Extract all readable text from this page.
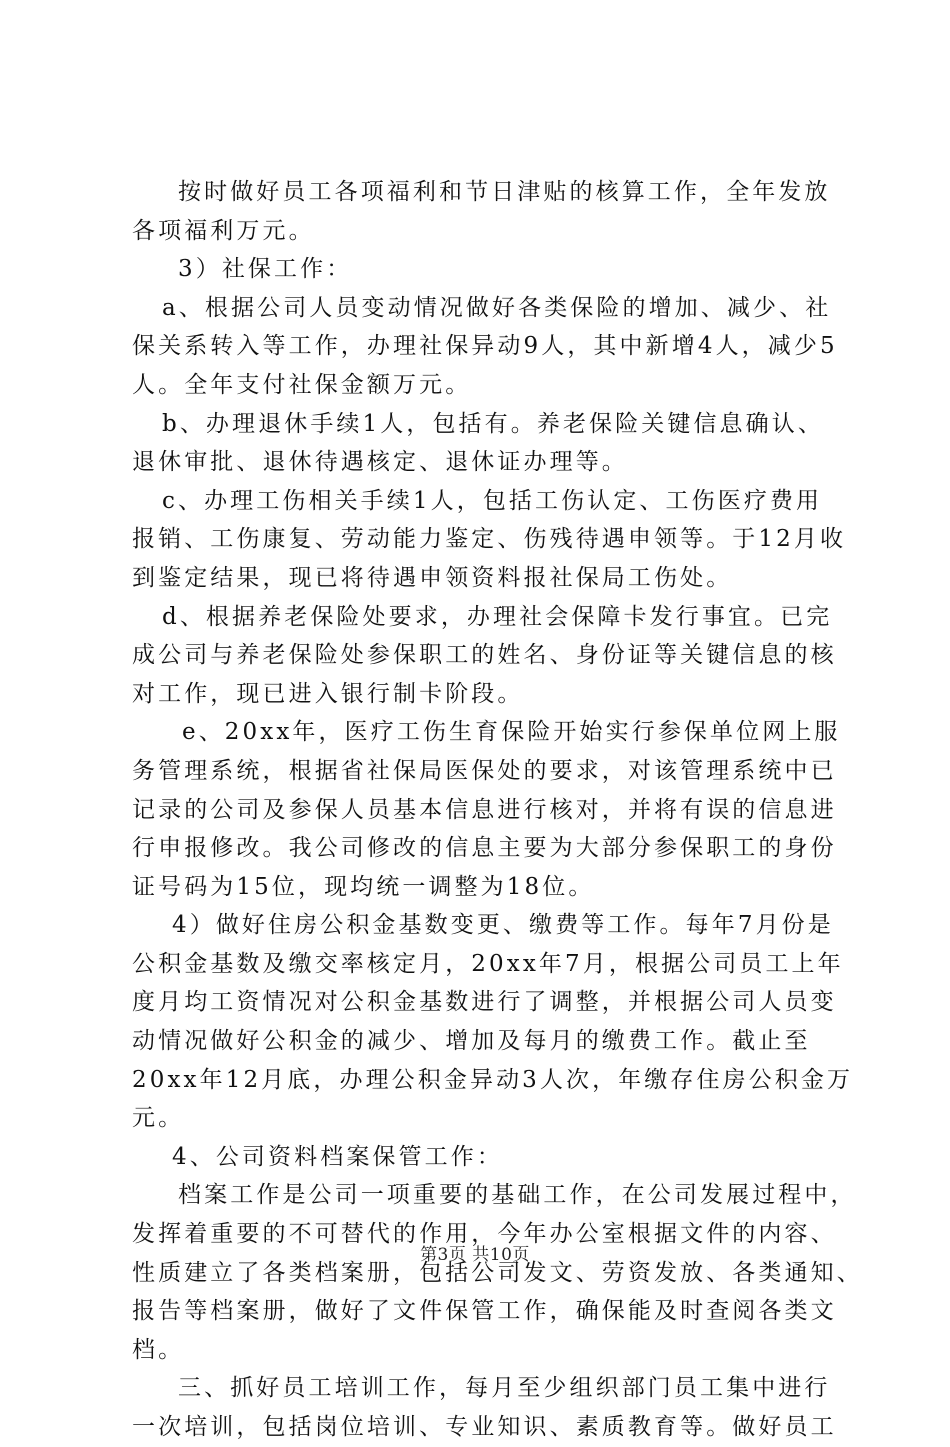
按时做好员工各项福利和节日津贴的核算工作，全年发放
各项福利万元。
3）社保工作：
a、根据公司人员变动情况做好各类保险的增加、减少、社
保关系转入等工作，办理社保异动9人，其中新增4人，减少5
人。全年支付社保金额万元。
b、办理退休手续1人，包括有。养老保险关键信息确认、
退休审批、退休待遇核定、退休证办理等。
c、办理工伤相关手续1人，包括工伤认定、工伤医疗费用
报销、工伤康复、劳动能力鉴定、伤残待遇申领等。于12月收
到鉴定结果，现已将待遇申领资料报社保局工伤处。
d、根据养老保险处要求，办理社会保障卡发行事宜。已完
成公司与养老保险处参保职工的姓名、身份证等关键信息的核
对工作，现已进入银行制卡阶段。
e、20xx年，医疗工伤生育保险开始实行参保单位网上服
务管理系统，根据省社保局医保处的要求，对该管理系统中已
记录的公司及参保人员基本信息进行核对，并将有误的信息进
行申报修改。我公司修改的信息主要为大部分参保职工的身份
证号码为15位，现均统一调整为18位。
4）做好住房公积金基数变更、缴费等工作。每年7月份是
公积金基数及缴交率核定月，20xx年7月，根据公司员工上年
度月均工资情况对公积金基数进行了调整，并根据公司人员变
动情况做好公积金的减少、增加及每月的缴费工作。截止至
20xx年12月底，办理公积金异动3人次，年缴存住房公积金万
元。
4、公司资料档案保管工作：
档案工作是公司一项重要的基础工作，在公司发展过程中，
发挥着重要的不可替代的作用，今年办公室根据文件的内容、
性质建立了各类档案册，包括公司发文、劳资发放、各类通知、
报告等档案册，做好了文件保管工作，确保能及时查阅各类文
档。
三、抓好员工培训工作，每月至少组织部门员工集中进行
一次培训，包括岗位培训、专业知识、素质教育等。做好员工
第3页 共10页
